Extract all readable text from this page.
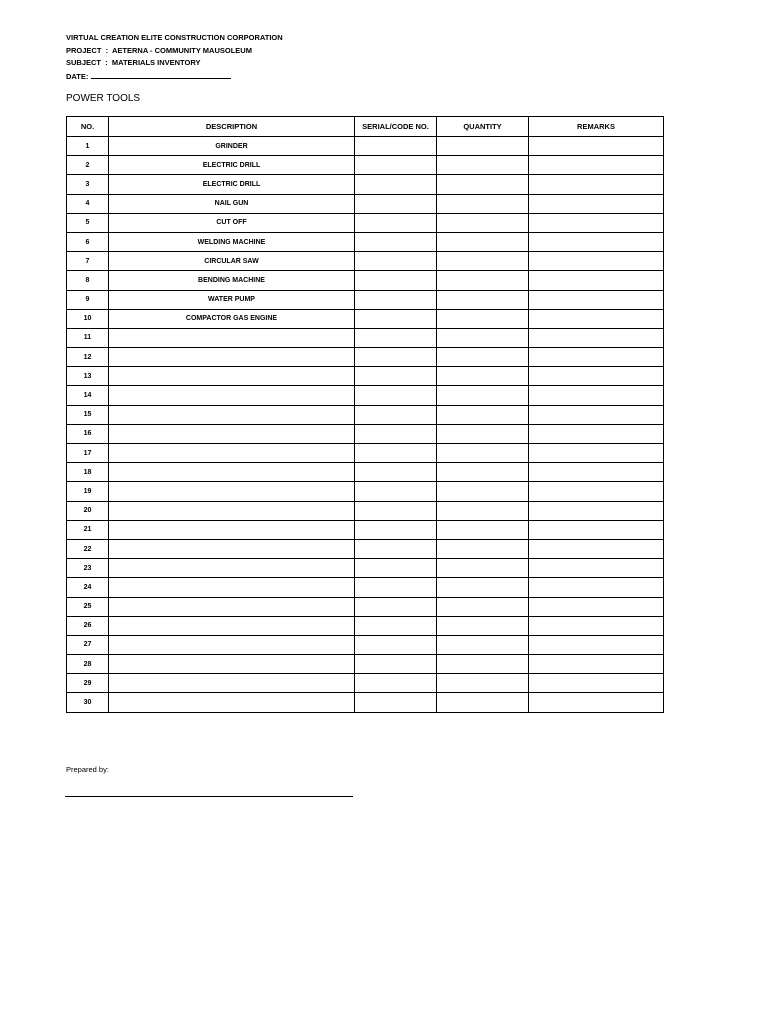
VIRTUAL CREATION ELITE CONSTRUCTION CORPORATION
PROJECT  :  AETERNA - COMMUNITY MAUSOLEUM
SUBJECT  :  MATERIALS INVENTORY
DATE:
POWER TOOLS
NO.	DESCRIPTION	SERIAL/CODE NO.	QUANTITY	REMARKS
1	GRINDER			
2	ELECTRIC DRILL			
3	ELECTRIC DRILL			
4	NAIL GUN			
5	CUT OFF			
6	WELDING MACHINE			
7	CIRCULAR SAW			
8	BENDING MACHINE			
9	WATER PUMP			
10	COMPACTOR GAS ENGINE			
11				
12				
13				
14				
15				
16				
17				
18				
19				
20				
21				
22				
23				
24				
25				
26				
27				
28				
29				
30				
Prepared by:
